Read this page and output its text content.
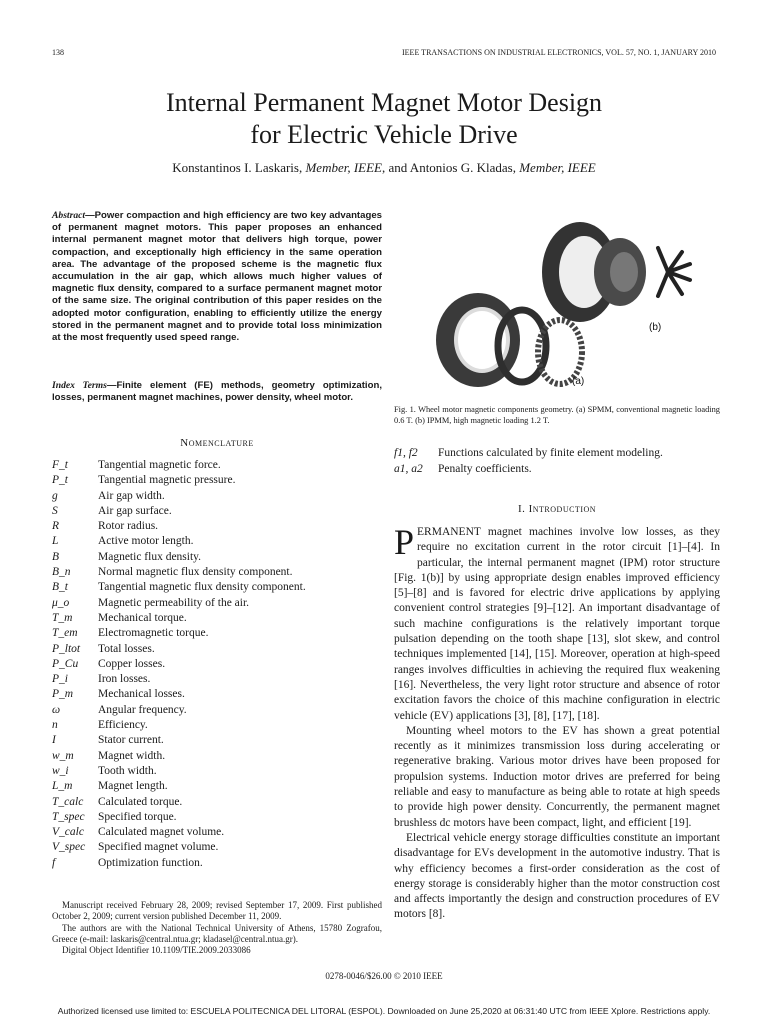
138	IEEE TRANSACTIONS ON INDUSTRIAL ELECTRONICS, VOL. 57, NO. 1, JANUARY 2010
Internal Permanent Magnet Motor Design
for Electric Vehicle Drive
Konstantinos I. Laskaris, Member, IEEE, and Antonios G. Kladas, Member, IEEE
Abstract—Power compaction and high efficiency are two key advantages of permanent magnet motors. This paper proposes an enhanced internal permanent magnet motor that delivers high torque, power compaction, and exceptionally high efficiency in the same operation area. The advantage of the proposed scheme is the magnetic flux accumulation in the air gap, which allows much higher values of magnetic flux density, compared to a surface permanent magnet motor of the same size. The original contribution of this paper resides on the adopted motor configuration, enabling to efficiently utilize the energy stored in the permanent magnet and to provide total loss minimization at the most frequently used speed range.
Index Terms—Finite element (FE) methods, geometry optimization, losses, permanent magnet machines, power density, wheel motor.
Nomenclature
F_t	Tangential magnetic force.
P_t	Tangential magnetic pressure.
g	Air gap width.
S	Air gap surface.
R	Rotor radius.
L	Active motor length.
B	Magnetic flux density.
B_n	Normal magnetic flux density component.
B_t	Tangential magnetic flux density component.
μ_o	Magnetic permeability of the air.
T_m	Mechanical torque.
T_em	Electromagnetic torque.
P_ltot	Total losses.
P_Cu	Copper losses.
P_i	Iron losses.
P_m	Mechanical losses.
ω	Angular frequency.
n	Efficiency.
I	Stator current.
w_m	Magnet width.
w_i	Tooth width.
L_m	Magnet length.
T_calc	Calculated torque.
T_spec	Specified torque.
V_calc	Calculated magnet volume.
V_spec	Specified magnet volume.
f	Optimization function.

Manuscript received February 28, 2009; revised September 17, 2009. First published October 2, 2009; current version published December 11, 2009.

The authors are with the National Technical University of Athens, 15780 Zografou, Greece (e-mail: laskaris@central.ntua.gr; kladasel@central.ntua.gr).

Digital Object Identifier 10.1109/TIE.2009.2033086

(b)
(a)
Fig. 1. Wheel motor magnetic components geometry. (a) SPMM, conventional magnetic loading 0.6 T. (b) IPMM, high magnetic loading 1.2 T.
f1, f2	Functions calculated by finite element modeling.
a1, a2	Penalty coefficients.
I. Introduction

PERMANENT magnet machines involve low losses, as they require no excitation current in the rotor circuit [1]–[4]. In particular, the internal permanent magnet (IPM) rotor structure [Fig. 1(b)] by using appropriate design enables improved efficiency [5]–[8] and is favored for electric drive applications by applying convenient control strategies [9]–[12]. An important disadvantage of such machine configurations is the relatively important torque pulsation depending on the tooth shape [13], slot skew, and control techniques implemented [14], [15]. Moreover, operation at high-speed ranges involves difficulties in achieving the required flux weakening [16]. Nevertheless, the very light rotor structure and absence of rotor excitation favors the choice of this machine configuration in electric vehicle (EV) applications [3], [8], [17], [18].

Mounting wheel motors to the EV has shown a great potential recently as it minimizes transmission loss during accelerating or regenerative braking. Various motor drives have been proposed for propulsion systems. Induction motor drives are preferred for being reliable and easy to manufacture as being able to rotate at high speeds to provide high power density. Concurrently, the permanent magnet brushless dc motors have been compact, light, and efficient [19].

Electrical vehicle energy storage difficulties constitute an important disadvantage for EVs development in the automotive industry. That is why efficiency becomes a first-order consideration as the cost of energy storage is considerably higher than the motor construction cost and affects importantly the design and construction procedures of EV motors [8].

0278-0046/$26.00 © 2010 IEEE
Authorized licensed use limited to: ESCUELA POLITECNICA DEL LITORAL (ESPOL). Downloaded on June 25,2020 at 06:31:40 UTC from IEEE Xplore. Restrictions apply.
